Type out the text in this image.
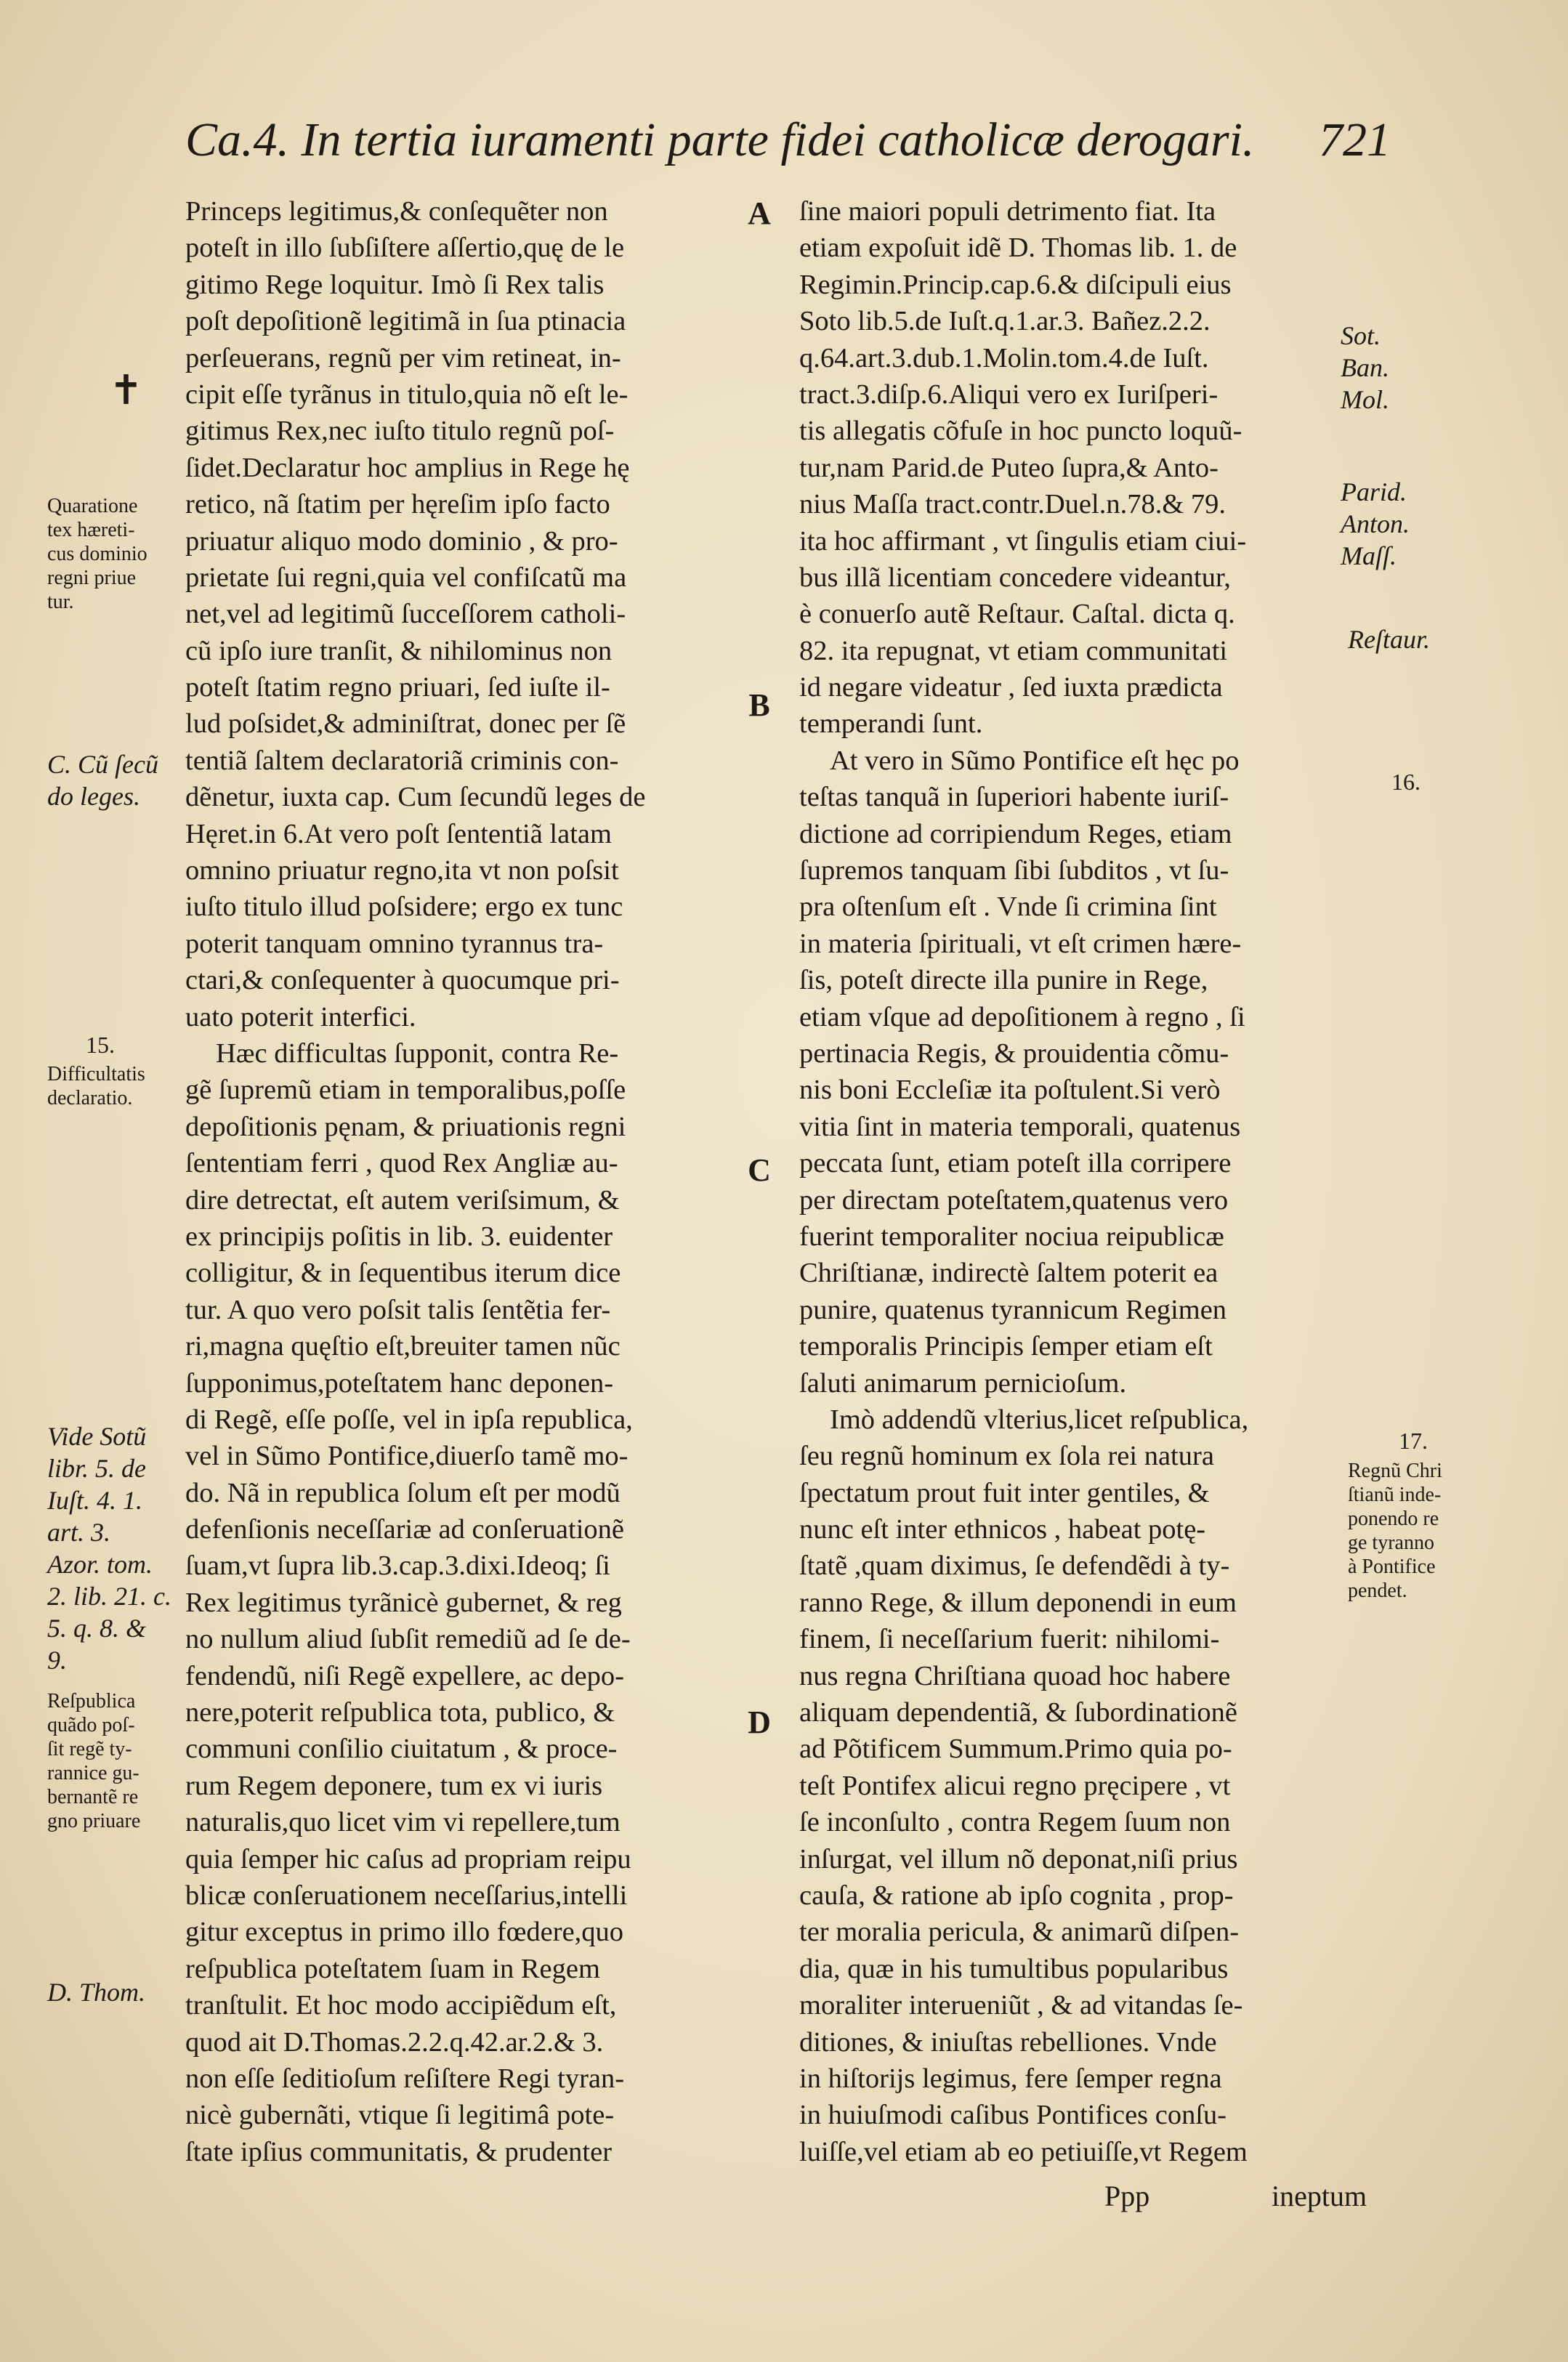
Ca.4. In tertia iuramenti parte fidei catholicæ derogari. 721
Princeps legitimus,& conſequẽter non
poteſt in illo ſubſiſtere aſſertio,quę de le
gitimo Rege loquitur. Imò ſi Rex talis
poſt depoſitionẽ legitimã in ſua ptinacia
perſeuerans, regnũ per vim retineat, in-
cipit eſſe tyrãnus in titulo,quia nõ eſt le-
gitimus Rex,nec iuſto titulo regnũ poſ-
ſidet.Declaratur hoc amplius in Rege hę
retico, nã ſtatim per hęreſim ipſo facto
priuatur aliquo modo dominio , & pro-
prietate ſui regni,quia vel confiſcatũ ma
net,vel ad legitimũ ſucceſſorem catholi-
cũ ipſo iure tranſit, & nihilominus non
poteſt ſtatim regno priuari, ſed iuſte il-
lud poſsidet,& adminiſtrat, donec per ſẽ
tentiã ſaltem declaratoriã criminis con-
dẽnetur, iuxta cap. Cum ſecundũ leges de
Hęret.in 6.At vero poſt ſententiã latam
omnino priuatur regno,ita vt non poſsit
iuſto titulo illud poſsidere; ergo ex tunc
poterit tanquam omnino tyrannus tra-
ctari,& conſequenter à quocumque pri-
uato poterit interfici.
Hæc difficultas ſupponit, contra Re-
gẽ ſupremũ etiam in temporalibus,poſſe
depoſitionis pęnam, & priuationis regni
ſententiam ferri , quod Rex Angliæ au-
dire detrectat, eſt autem veriſsimum, &
ex principijs poſitis in lib. 3. euidenter
colligitur, & in ſequentibus iterum dice
tur. A quo vero poſsit talis ſentẽtia fer-
ri,magna quęſtio eſt,breuiter tamen nũc
ſupponimus,poteſtatem hanc deponen-
di Regẽ, eſſe poſſe, vel in ipſa republica,
vel in Sũmo Pontifice,diuerſo tamẽ mo-
do. Nã in republica ſolum eſt per modũ
defenſionis neceſſariæ ad conſeruationẽ
ſuam,vt ſupra lib.3.cap.3.dixi.Ideoq; ſi
Rex legitimus tyrãnicè gubernet, & reg
no nullum aliud ſubſit remediũ ad ſe de-
fendendũ, niſi Regẽ expellere, ac depo-
nere,poterit reſpublica tota, publico, &
communi conſilio ciuitatum , & proce-
rum Regem deponere, tum ex vi iuris
naturalis,quo licet vim vi repellere,tum
quia ſemper hic caſus ad propriam reipu
blicæ conſeruationem neceſſarius,intelli
gitur exceptus in primo illo fœdere,quo
reſpublica poteſtatem ſuam in Regem
tranſtulit. Et hoc modo accipiẽdum eſt,
quod ait D.Thomas.2.2.q.42.ar.2.& 3.
non eſſe ſeditioſum reſiſtere Regi tyran-
nicè gubernãti, vtique ſi legitimâ pote-
ſtate ipſius communitatis, & prudenter
ſine maiori populi detrimento fiat. Ita
etiam expoſuit idẽ D. Thomas lib. 1. de
Regimin.Princip.cap.6.& diſcipuli eius
Soto lib.5.de Iuſt.q.1.ar.3. Bañez.2.2.
q.64.art.3.dub.1.Molin.tom.4.de Iuſt.
tract.3.diſp.6.Aliqui vero ex Iuriſperi-
tis allegatis cõfuſe in hoc puncto loquũ-
tur,nam Parid.de Puteo ſupra,& Anto-
nius Maſſa tract.contr.Duel.n.78.& 79.
ita hoc affirmant , vt ſingulis etiam ciui-
bus illã licentiam concedere videantur,
è conuerſo autẽ Reſtaur. Caſtal. dicta q.
82. ita repugnat, vt etiam communitati
id negare videatur , ſed iuxta prædicta
temperandi ſunt.
At vero in Sũmo Pontifice eſt hęc po
teſtas tanquã in ſuperiori habente iuriſ-
dictione ad corripiendum Reges, etiam
ſupremos tanquam ſibi ſubditos , vt ſu-
pra oſtenſum eſt . Vnde ſi crimina ſint
in materia ſpirituali, vt eſt crimen hære-
ſis, poteſt directe illa punire in Rege,
etiam vſque ad depoſitionem à regno , ſi
pertinacia Regis, & prouidentia cõmu-
nis boni Eccleſiæ ita poſtulent.Si verò
vitia ſint in materia temporali, quatenus
peccata ſunt, etiam poteſt illa corripere
per directam poteſtatem,quatenus vero
fuerint temporaliter nociua reipublicæ
Chriſtianæ, indirectè ſaltem poterit ea
punire, quatenus tyrannicum Regimen
temporalis Principis ſemper etiam eſt
ſaluti animarum pernicioſum.
Imò addendũ vlterius,licet reſpublica,
ſeu regnũ hominum ex ſola rei natura
ſpectatum prout fuit inter gentiles, &
nunc eſt inter ethnicos , habeat potę-
ſtatẽ ,quam diximus, ſe defendẽdi à ty-
ranno Rege, & illum deponendi in eum
finem, ſi neceſſarium fuerit: nihilomi-
nus regna Chriſtiana quoad hoc habere
aliquam dependentiã, & ſubordinationẽ
ad Põtificem Summum.Primo quia po-
teſt Pontifex alicui regno pręcipere , vt
ſe inconſulto , contra Regem ſuum non
inſurgat, vel illum nõ deponat,niſi prius
cauſa, & ratione ab ipſo cognita , prop-
ter moralia pericula, & animarũ diſpen-
dia, quæ in his tumultibus popularibus
moraliter interueniũt , & ad vitandas ſe-
ditiones, & iniuſtas rebelliones. Vnde
in hiſtorijs legimus, fere ſemper regna
in huiuſmodi caſibus Pontifices conſu-
luiſſe,vel etiam ab eo petiuiſſe,vt Regem
A
B
C
D
✝
Quaratione
tex hæreti-
cus dominio
regni priue
tur.
C. Cũ ſecũ
do leges.
15.
Difficultatis
declaratio.
Vide Sotũ
libr. 5. de
Iuſt. 4. 1.
art. 3.
Azor. tom.
2. lib. 21. c.
5. q. 8. &
9.
Reſpublica
quãdo poſ-
ſit regẽ ty-
rannice gu-
bernantẽ re
gno priuare
D. Thom.
Sot.
Ban.
Mol.
Parid.
Anton.
Maſſ.
Reſtaur.
16.
17.
Regnũ Chri
ſtianũ inde-
ponendo re
ge tyranno
à Pontifice
pendet.
Ppp	ineptum
